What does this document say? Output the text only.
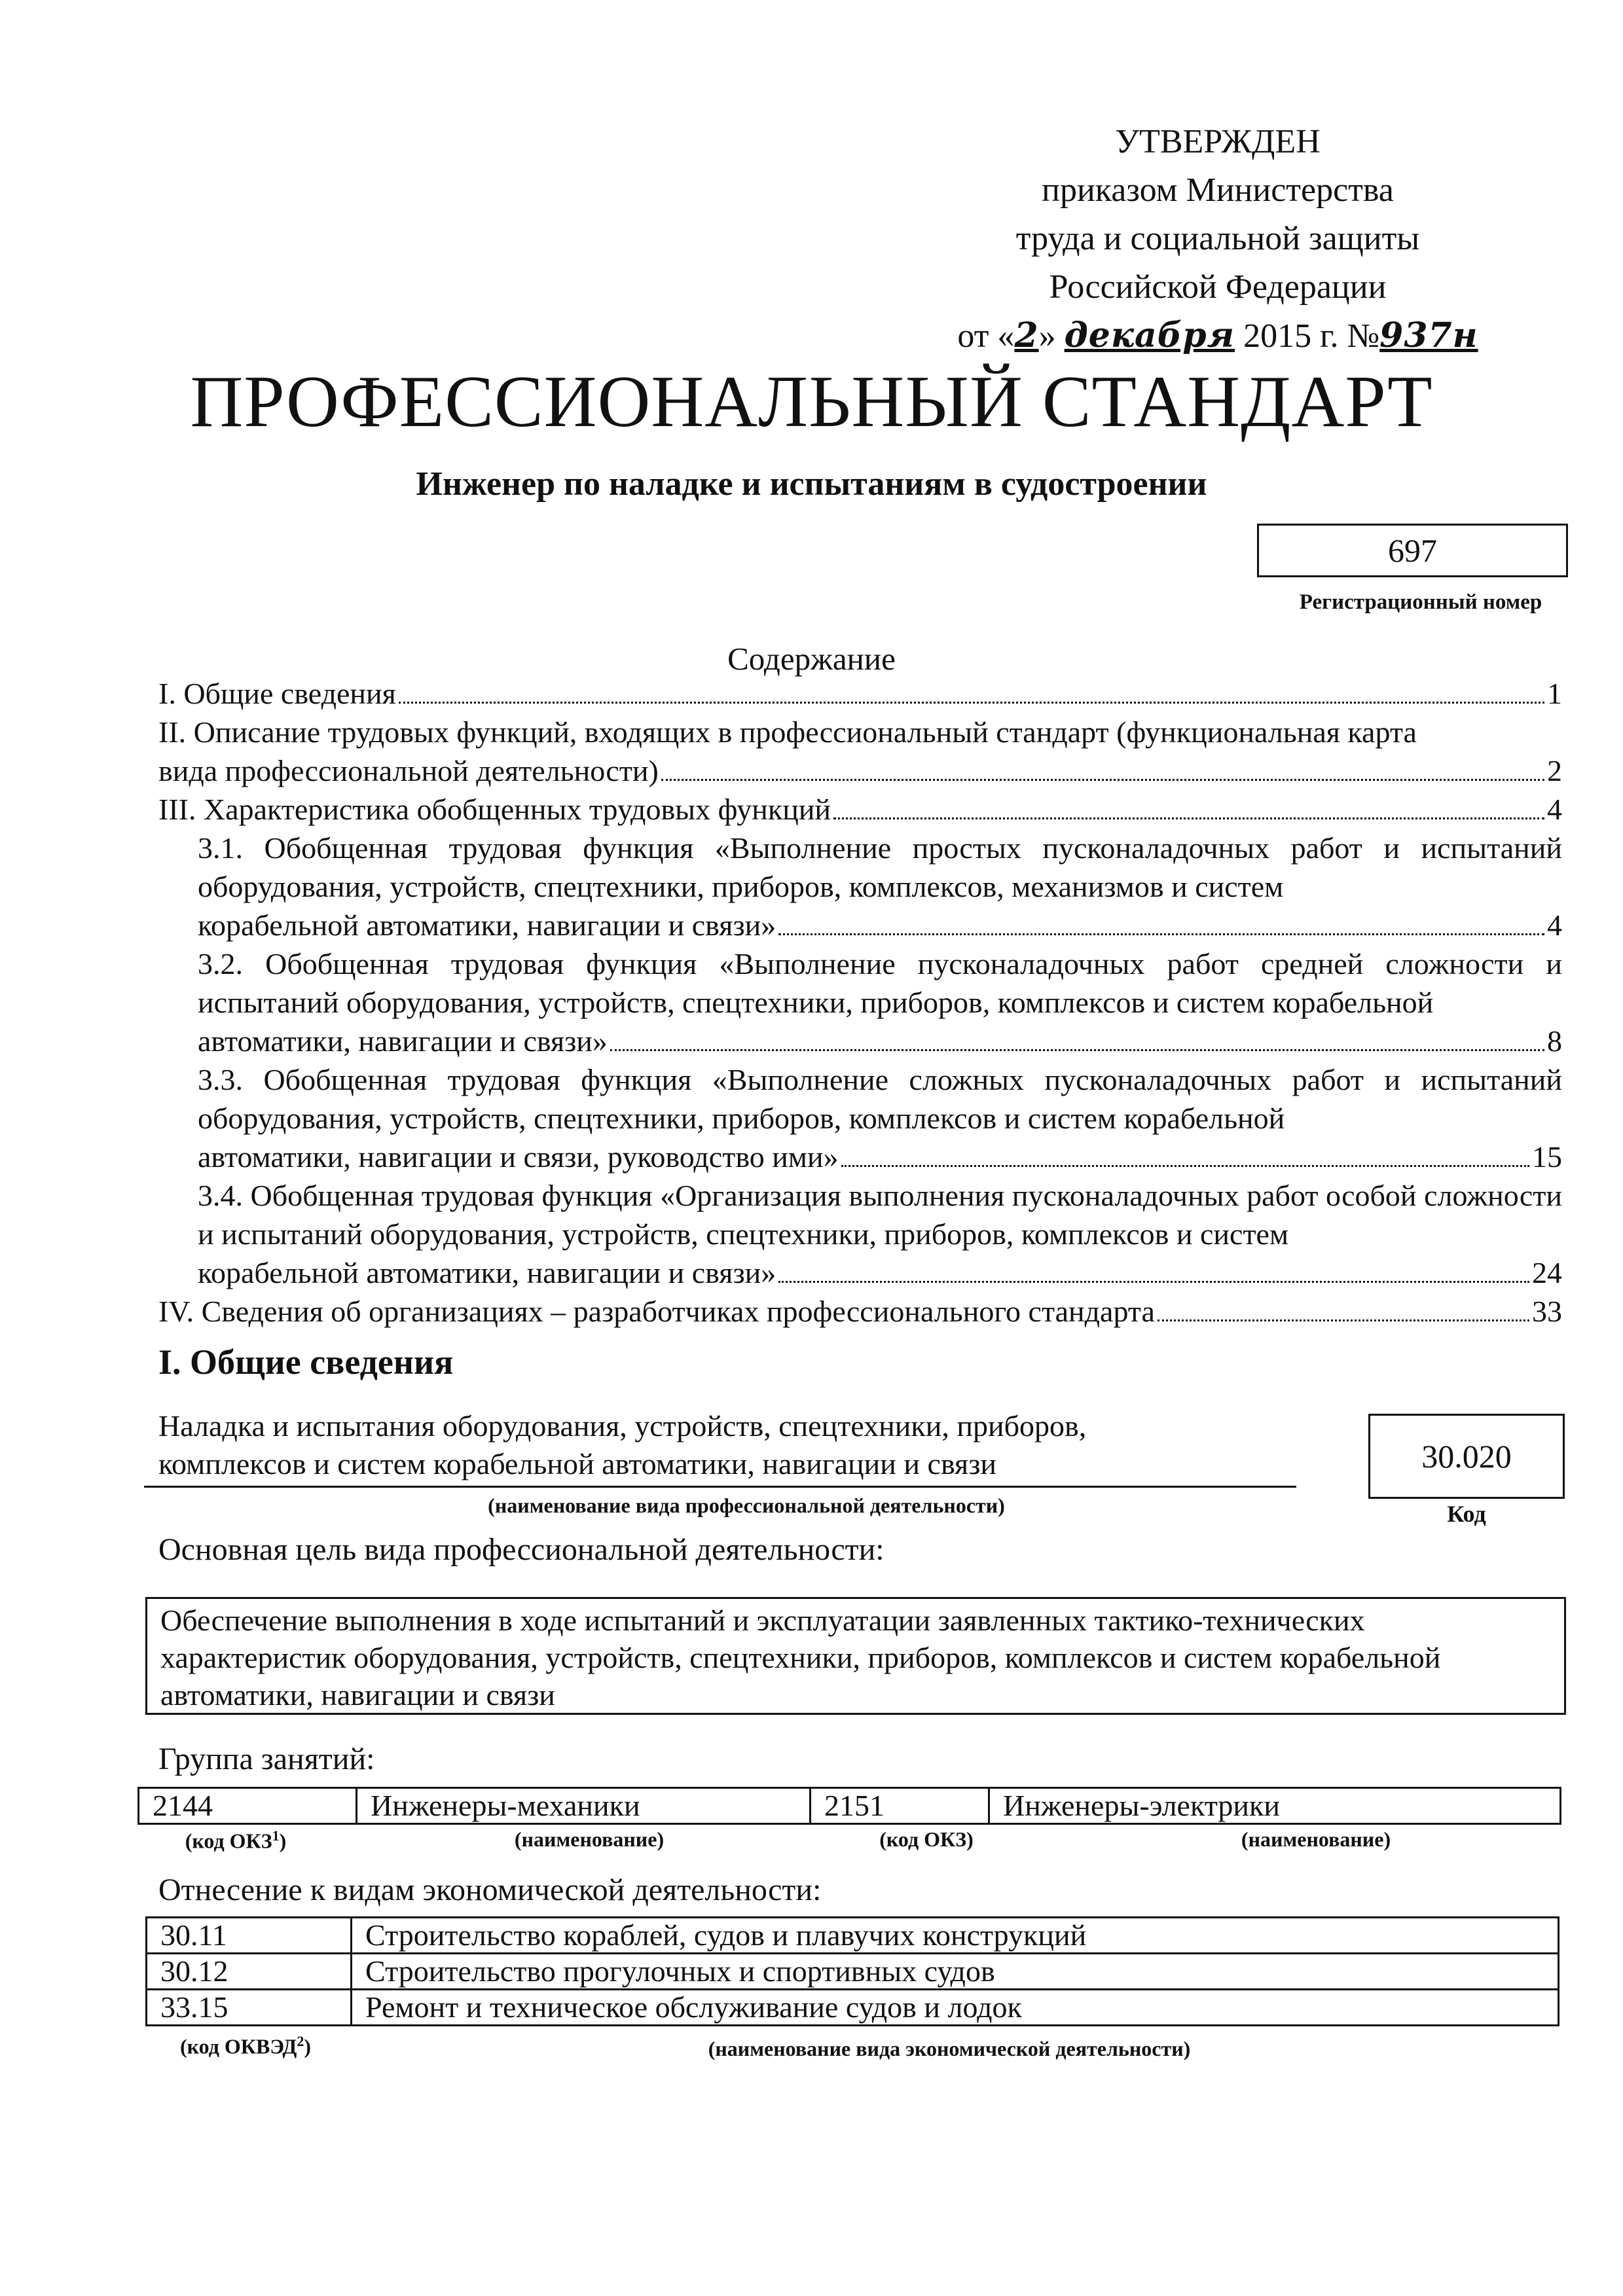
УТВЕРЖДЕН
приказом Министерства
труда и социальной защиты
Российской Федерации
от «2» декабря 2015 г. №937н
ПРОФЕССИОНАЛЬНЫЙ СТАНДАРТ
Инженер по наладке и испытаниям в судостроении
697
Регистрационный номер
Содержание
I. Общие сведения	1
II. Описание трудовых функций, входящих в профессиональный стандарт (функциональная карта
вида профессиональной деятельности)	2
III. Характеристика обобщенных трудовых функций	4
3.1. Обобщенная трудовая функция «Выполнение простых пусконаладочных работ и испытаний оборудования, устройств, спецтехники, приборов, комплексов, механизмов и систем
корабельной автоматики, навигации и связи»	4
3.2. Обобщенная трудовая функция «Выполнение пусконаладочных работ средней сложности и испытаний оборудования, устройств, спецтехники, приборов, комплексов и систем корабельной
автоматики, навигации и связи»	8
3.3. Обобщенная трудовая функция «Выполнение сложных пусконаладочных работ и испытаний оборудования, устройств, спецтехники, приборов, комплексов и систем корабельной
автоматики, навигации и связи, руководство ими»	15
3.4. Обобщенная трудовая функция «Организация выполнения пусконаладочных работ особой сложности и испытаний оборудования, устройств, спецтехники, приборов, комплексов и систем
корабельной автоматики, навигации и связи»	24
IV. Сведения об организациях – разработчиках профессионального стандарта	33
I. Общие сведения
Наладка и испытания оборудования, устройств, спецтехники, приборов,
комплексов и систем корабельной автоматики, навигации и связи
(наименование вида профессиональной деятельности)
30.020
Код
Основная цель вида профессиональной деятельности:
Обеспечение выполнения в ходе испытаний и эксплуатации заявленных тактико-технических характеристик оборудования, устройств, спецтехники, приборов, комплексов и систем корабельной автоматики, навигации и связи
Группа занятий:
2144	Инженеры-механики	2151	Инженеры-электрики
(код ОКЗ$^1$)	(наименование)	(код ОКЗ)	(наименование)
Отнесение к видам экономической деятельности:
30.11	Строительство кораблей, судов и плавучих конструкций
30.12	Строительство прогулочных и спортивных судов
33.15	Ремонт и техническое обслуживание судов и лодок
(код ОКВЭД$^2$)	(наименование вида экономической деятельности)
